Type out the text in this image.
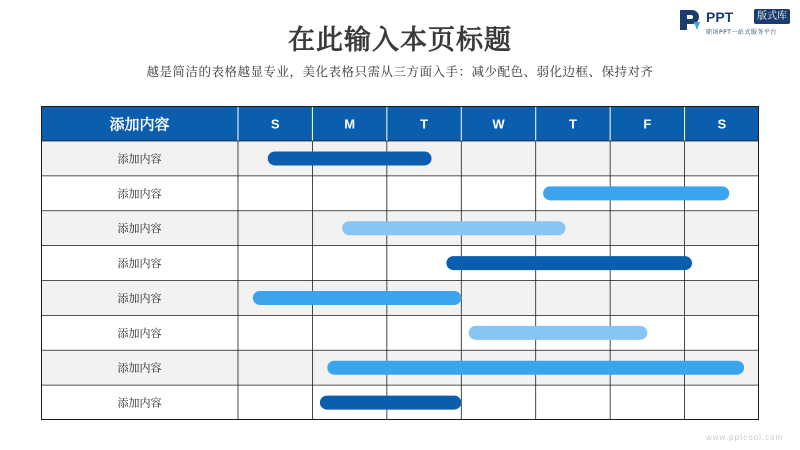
PPT	版式库
职场PPT一站式服务平台
在此输入本页标题
越是简洁的表格越显专业，美化表格只需从三方面入手：减少配色、弱化边框、保持对齐
添加内容	S	M	T	W	T	F	S
添加内容
添加内容
添加内容
添加内容
添加内容
添加内容
添加内容
添加内容
www.pptcool.com
